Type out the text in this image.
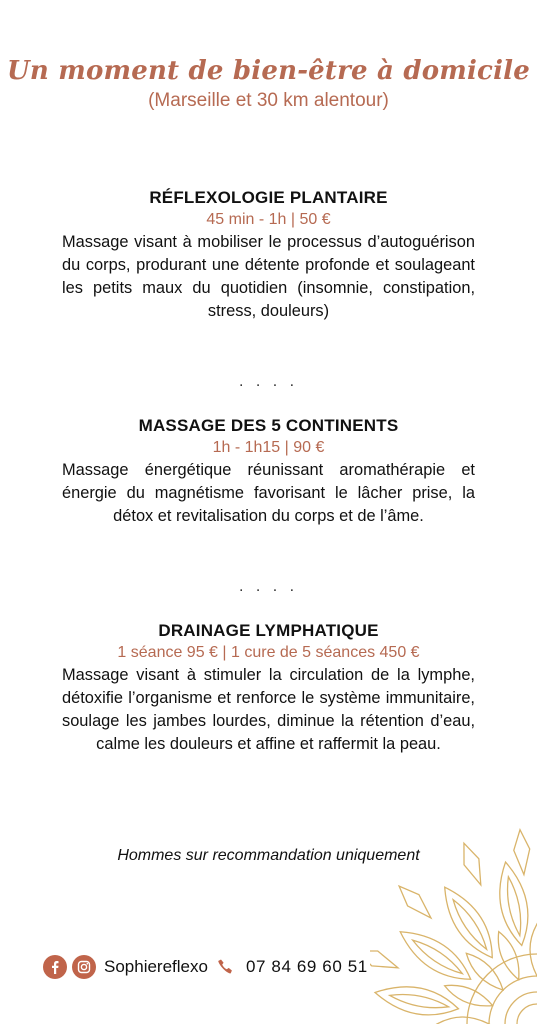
Un moment de bien-être à domicile
(Marseille et 30 km alentour)
RÉFLEXOLOGIE PLANTAIRE
45 min - 1h | 50 €

Massage visant à mobiliser le processus d’autoguérison du corps, produrant une détente profonde et soulageant les petits maux du quotidien (insomnie, constipation, stress, douleurs)

. . . .
MASSAGE DES 5 CONTINENTS
1h - 1h15 | 90 €

Massage énergétique réunissant aromathérapie et énergie du magnétisme favorisant le lâcher prise, la détox et revitalisation du corps et de l’âme.

. . . .
DRAINAGE LYMPHATIQUE
1 séance 95 € | 1 cure de 5 séances 450 €

Massage visant à stimuler la circulation de la lymphe, détoxifie l’organisme et renforce le système immunitaire, soulage les jambes lourdes, diminue la rétention d’eau, calme les douleurs et affine et raffermit la peau.

Hommes sur recommandation uniquement
Sophiereflexo 07 84 69 60 51
